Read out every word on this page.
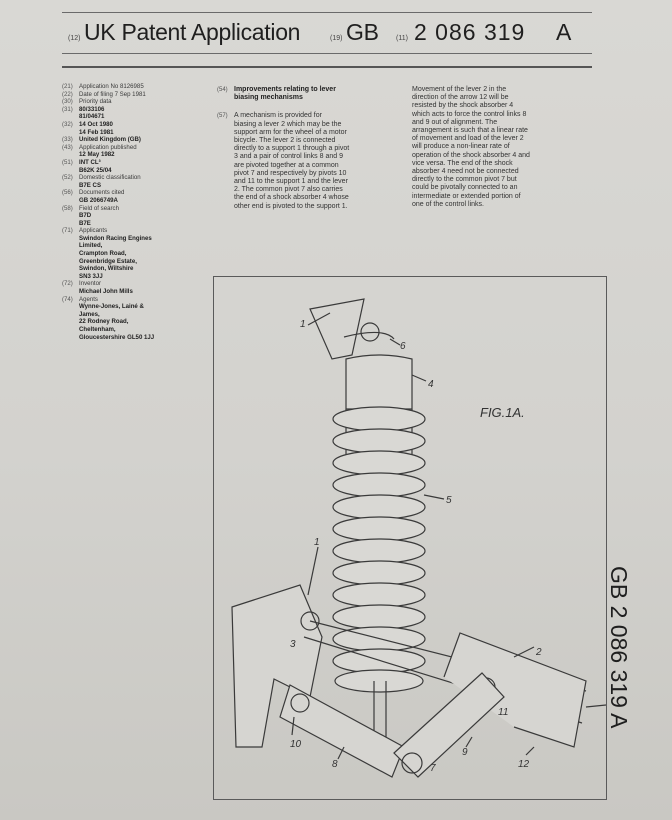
(12) UK Patent Application	(19) GB (11) 2 086 319 A
(21)	Application No 8126985
(22)	Date of filing 7 Sep 1981
(30)	Priority data
(31)	80/33106
81/04671
(32)	14 Oct 1980
14 Feb 1981
(33)	United Kingdom (GB)
(43)	Application published
12 May 1982
(51)	INT CL³
B62K 25/04
(52)	Domestic classification
B7E CS
(56)	Documents cited
GB 2066749A
(58)	Field of search
B7D
B7E
(71)	Applicants
Swindon Racing Engines
Limited,
Crampton Road,
Greenbridge Estate,
Swindon, Wiltshire
SN3 3JJ
(72)	Inventor
Michael John Mills
(74)	Agents
Wynne-Jones, Lainé &
James,
22 Rodney Road,
Cheltenham,
Gloucestershire GL50 1JJ
(54) Improvements relating to lever
biasing mechanisms
(57) A mechanism is provided for
biasing a lever 2 which may be the
support arm for the wheel of a motor
bicycle. The lever 2 is connected
directly to a support 1 through a pivot
3 and a pair of control links 8 and 9
are pivoted together at a common
pivot 7 and respectively by pivots 10
and 11 to the support 1 and the lever
2. The common pivot 7 also carries
the end of a shock absorber 4 whose
other end is pivoted to the support 1.
Movement of the lever 2 in the
direction of the arrow 12 will be
resisted by the shock absorber 4
which acts to force the control links 8
and 9 out of alignment. The
arrangement is such that a linear rate
of movement and load of the lever 2
will produce a non-linear rate of
operation of the shock absorber 4 and
vice versa. The end of the shock
absorber 4 need not be connected
directly to the common pivot 7 but
could be pivotally connected to an
intermediate or extended portion of
one of the control links.
1
6
4
5
1
3
2
11
10
8	7
9
12
FIG.1A.
GB 2 086 319 A
